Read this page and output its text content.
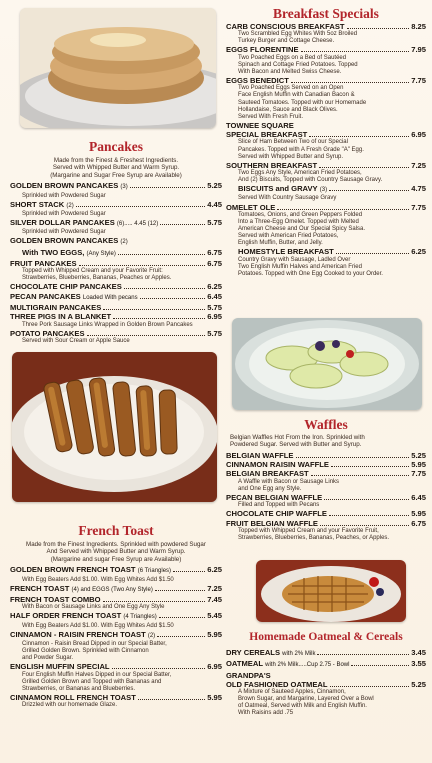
Pancakes

Made from the Finest & Freshest Ingredients.

Served with Whipped Butter and Warm Syrup.

(Margarine and Sugar Free Syrup are Available)

GOLDEN BROWN PANCAKES
(3)	5.25

Sprinkled with Powdered Sugar

SHORT STACK
(2)	4.45

Sprinkled with Powdered Sugar

SILVER DOLLAR PANCAKES
(6)..... 4.45 (12)	5.75

Sprinkled with Powdered Sugar

GOLDEN BROWN PANCAKES
(2)
With TWO EGGS,
(Any Style)	6.75
FRUIT PANCAKES	6.75

Topped with Whipped Cream and your Favorite Fruit:

Strawberries, Blueberries, Bananas, Peaches or Apples.

CHOCOLATE CHIP PANCAKES	6.25
PECAN PANCAKES
Loaded With pecans	6.45
MULTIGRAIN PANCAKES	5.75
THREE PIGS IN A BLANKET	6.95

Three Pork Sausage Links Wrapped in Golden Brown Pancakes

POTATO PANCAKES	5.75

Served with Sour Cream or Apple Sauce

French Toast

Made from the Finest Ingredients. Sprinkled with powdered Sugar

And Served with Whipped Butter and Warm Syrup.

(Margarine and sugar Free Syrup are Available)

GOLDEN BROWN FRENCH TOAST
(6 Triangles)	6.25

With Egg Beaters Add $1.00. With Egg Whites Add $1.50

FRENCH TOAST
(4) and EGGS (Two Any Style)	7.25
FRENCH TOAST COMBO	7.45

With Bacon or Sausage Links and One Egg Any Style

HALF ORDER FRENCH TOAST
(4 Triangles)	5.45

With Egg Beaters Add $1.00. With Egg Whites Add $1.50

CINNAMON - RAISIN FRENCH TOAST
(2)	5.95

Cinnamon - Raisin Bread Dipped in our Special Batter,

Grilled Golden Brown. Sprinkled with Cinnamon

and Powder Sugar.

ENGLISH MUFFIN SPECIAL	6.95

Four English Muffin Halves Dipped in our Special Batter,

Grilled Golden Brown and Topped with Bananas and

Strawberries, or Bananas and Blueberries.

CINNAMON ROLL FRENCH TOAST	5.95

Drizzled with our homemade Glaze.

Breakfast Specials

CARB CONSCIOUS BREAKFAST	8.25

Two Scrambled Egg Whites With 5oz Broiled

Turkey Burger and Cottage Cheese.

EGGS FLORENTINE	7.95

Two Poached Eggs on a Bed of Sautéed

Spinach and Cottage Fried Potatoes. Topped

With Bacon and Melted Swiss Cheese.

EGGS BENEDICT	7.75

Two Poached Eggs Served on an Open

Face English Muffin with Canadian Bacon &

Sauteed Tomatoes. Topped with our Homemade

Hollandaise, Sauce and Black Olives.

Served With Fresh Fruit.

TOWNEE SQUARE
SPECIAL BREAKFAST	6.95

Slice of Ham Between Two of our Special

Pancakes. Topped with A Fresh Grade "A" Egg.

Served with Whipped Butter and Syrup.

SOUTHERN BREAKFAST	7.25

Two Eggs Any Style, American Fried Potatoes,

And (2) Biscuits, Topped with Country Sausage Gravy.

BISCUITS and GRAVY
(3)	4.75

Served With Country Sausage Gravy

OMELET OLE	7.75

Tomatoes, Onions, and Green Peppers Folded

Into a Three-Egg Omelet. Topped with Melted

American Cheese and Our Special Spicy Salsa.

Served with American Fried Potatoes,

English Muffin, Butter, and Jelly.

HOMESTYLE BREAKFAST	6.25

Country Gravy with Sausage, Ladled Over

Two English Muffin Halves and American Fried

Potatoes. Topped with One Egg Cooked to your Order.

Waffles

Belgian Waffles Hot From the Iron. Sprinkled with

Powdered Sugar. Served with Butter and Syrup.

BELGIAN WAFFLE	5.25
CINNAMON RAISIN WAFFLE	5.95
BELGIAN BREAKFAST	7.75

A Waffle with Bacon or Sausage Links

and One Egg any Style.

PECAN BELGIAN WAFFLE	6.45

Filled and Topped with Pecans

CHOCOLATE CHIP WAFFLE	5.95
FRUIT BELGIAN WAFFLE	6.75

Topped with Whipped Cream and your Favorite Fruit,

Strawberries, Blueberries, Bananas, Peaches, or Apples.

Homemade Oatmeal & Cereals

DRY CEREALS
with 2% Milk	3.45
OATMEAL
with 2% Milk.....Cup 2.75 - Bowl	3.55
GRANDPA'S
OLD FASHIONED OATMEAL	5.25

A Mixture of Sauteed Apples, Cinnamon,

Brown Sugar, and Margarine, Layered Over a Bowl

of Oatmeal, Served with Milk and English Muffin.

With Raisins add .75
